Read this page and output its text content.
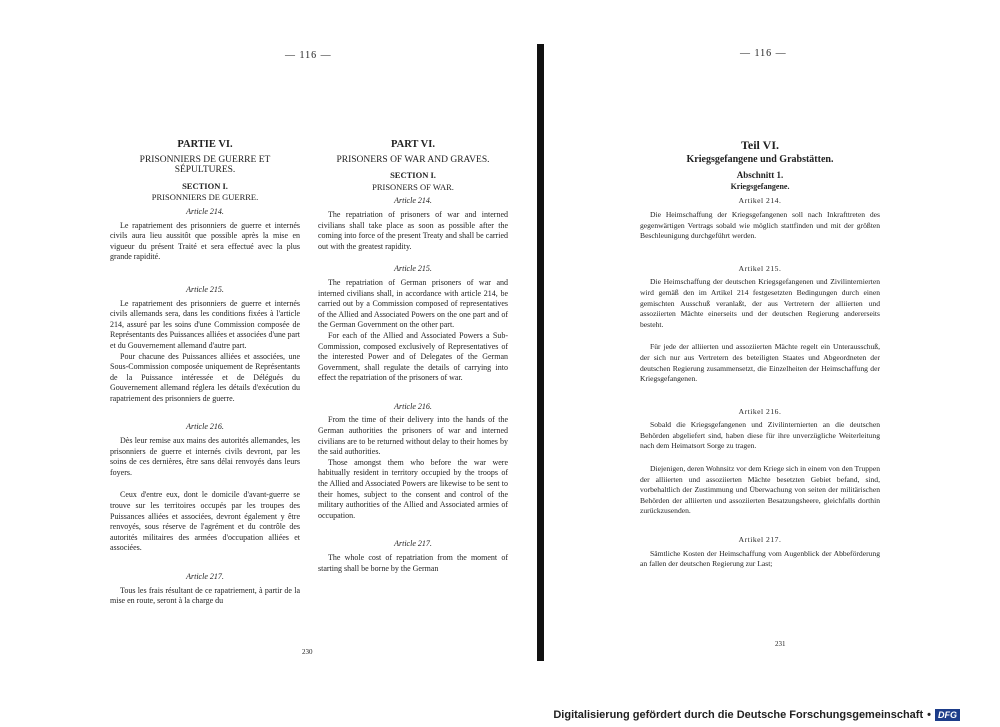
— 116 —

PARTIE VI.

PRISONNIERS DE GUERRE ET SÉPULTURES.

SECTION I.

PRISONNIERS DE GUERRE.

Article 214.

Le rapatriement des prisonniers de guerre et internés civils aura lieu aussitôt que possible après la mise en vigueur du présent Traité et sera effectué avec la plus grande rapidité.

Article 215.

Le rapatriement des prisonniers de guerre et internés civils allemands sera, dans les conditions fixées à l'article 214, assuré par les soins d'une Commission composée de Représentants des Puissances alliées et associées d'une part et du Gouvernement allemand d'autre part.

Pour chacune des Puissances alliées et associées, une Sous-Commission composée uniquement de Représentants de la Puissance intéressée et de Délégués du Gouvernement allemand réglera les détails d'exécution du rapatriement des prisonniers de guerre.

Article 216.

Dès leur remise aux mains des autorités allemandes, les prisonniers de guerre et internés civils devront, par les soins de ces dernières, être sans délai renvoyés dans leurs foyers.

Ceux d'entre eux, dont le domicile d'avant-guerre se trouve sur les territoires occupés par les troupes des Puissances alliées et associées, devront également y être renvoyés, sous réserve de l'agrément et du contrôle des autorités militaires des armées d'occupation alliées et associées.

Article 217.

Tous les frais résultant de ce rapatriement, à partir de la mise en route, seront à la charge du

PART VI.

PRISONERS OF WAR AND GRAVES.

SECTION I.

PRISONERS OF WAR.

Article 214.

The repatriation of prisoners of war and interned civilians shall take place as soon as possible after the coming into force of the present Treaty and shall be carried out with the greatest rapidity.

Article 215.

The repatriation of German prisoners of war and interned civilians shall, in accordance with article 214, be carried out by a Commission composed of representatives of the Allied and Associated Powers on the one part and of the German Government on the other part.

For each of the Allied and Associated Powers a Sub-Commission, composed exclusively of Representatives of the interested Power and of Delegates of the German Government, shall regulate the details of carrying into effect the repatriation of the prisoners of war.

Article 216.

From the time of their delivery into the hands of the German authorities the prisoners of war and interned civilians are to be returned without delay to their homes by the said authorities.

Those amongst them who before the war were habitually resident in territory occupied by the troops of the Allied and Associated Powers are likewise to be sent to their homes, subject to the consent and control of the military authorities of the Allied and Associated armies of occupation.

Article 217.

The whole cost of repatriation from the moment of starting shall be borne by the German

230
— 116 —

Teil VI.

Kriegsgefangene und Grabstätten.

Abschnitt 1.

Kriegsgefangene.

Artikel 214.

Die Heimschaffung der Kriegsgefangenen soll nach Inkrafttreten des gegenwärtigen Vertrags sobald wie möglich stattfinden und mit der größten Beschleunigung durchgeführt werden.

Artikel 215.

Die Heimschaffung der deutschen Kriegsgefangenen und Zivilinternierten wird gemäß den im Artikel 214 festgesetzten Bedingungen durch einen gemischten Ausschuß veranlaßt, der aus Vertretern der alliierten und assoziierten Mächte einerseits und der deutschen Regierung andererseits besteht.

Für jede der alliierten und assoziierten Mächte regelt ein Unterausschuß, der sich nur aus Vertretern des beteiligten Staates und Abgeordneten der deutschen Regierung zusammensetzt, die Einzelheiten der Heimschaffung der Kriegsgefangenen.

Artikel 216.

Sobald die Kriegsgefangenen und Zivilinternierten an die deutschen Behörden abgeliefert sind, haben diese für ihre unverzügliche Weiterleitung nach dem Heimatsort Sorge zu tragen.

Diejenigen, deren Wohnsitz vor dem Kriege sich in einem von den Truppen der alliierten und assoziierten Mächte besetzten Gebiet befand, sind, vorbehaltlich der Zustimmung und Überwachung von seiten der militärischen Behörden der alliierten und assoziierten Besatzungsheere, gleichfalls dorthin zurückzusenden.

Artikel 217.

Sämtliche Kosten der Heimschaffung vom Augenblick der Abbeförderung an fallen der deutschen Regierung zur Last;

231
Digitalisierung gefördert durch die Deutsche Forschungsgemeinschaft • DFG
